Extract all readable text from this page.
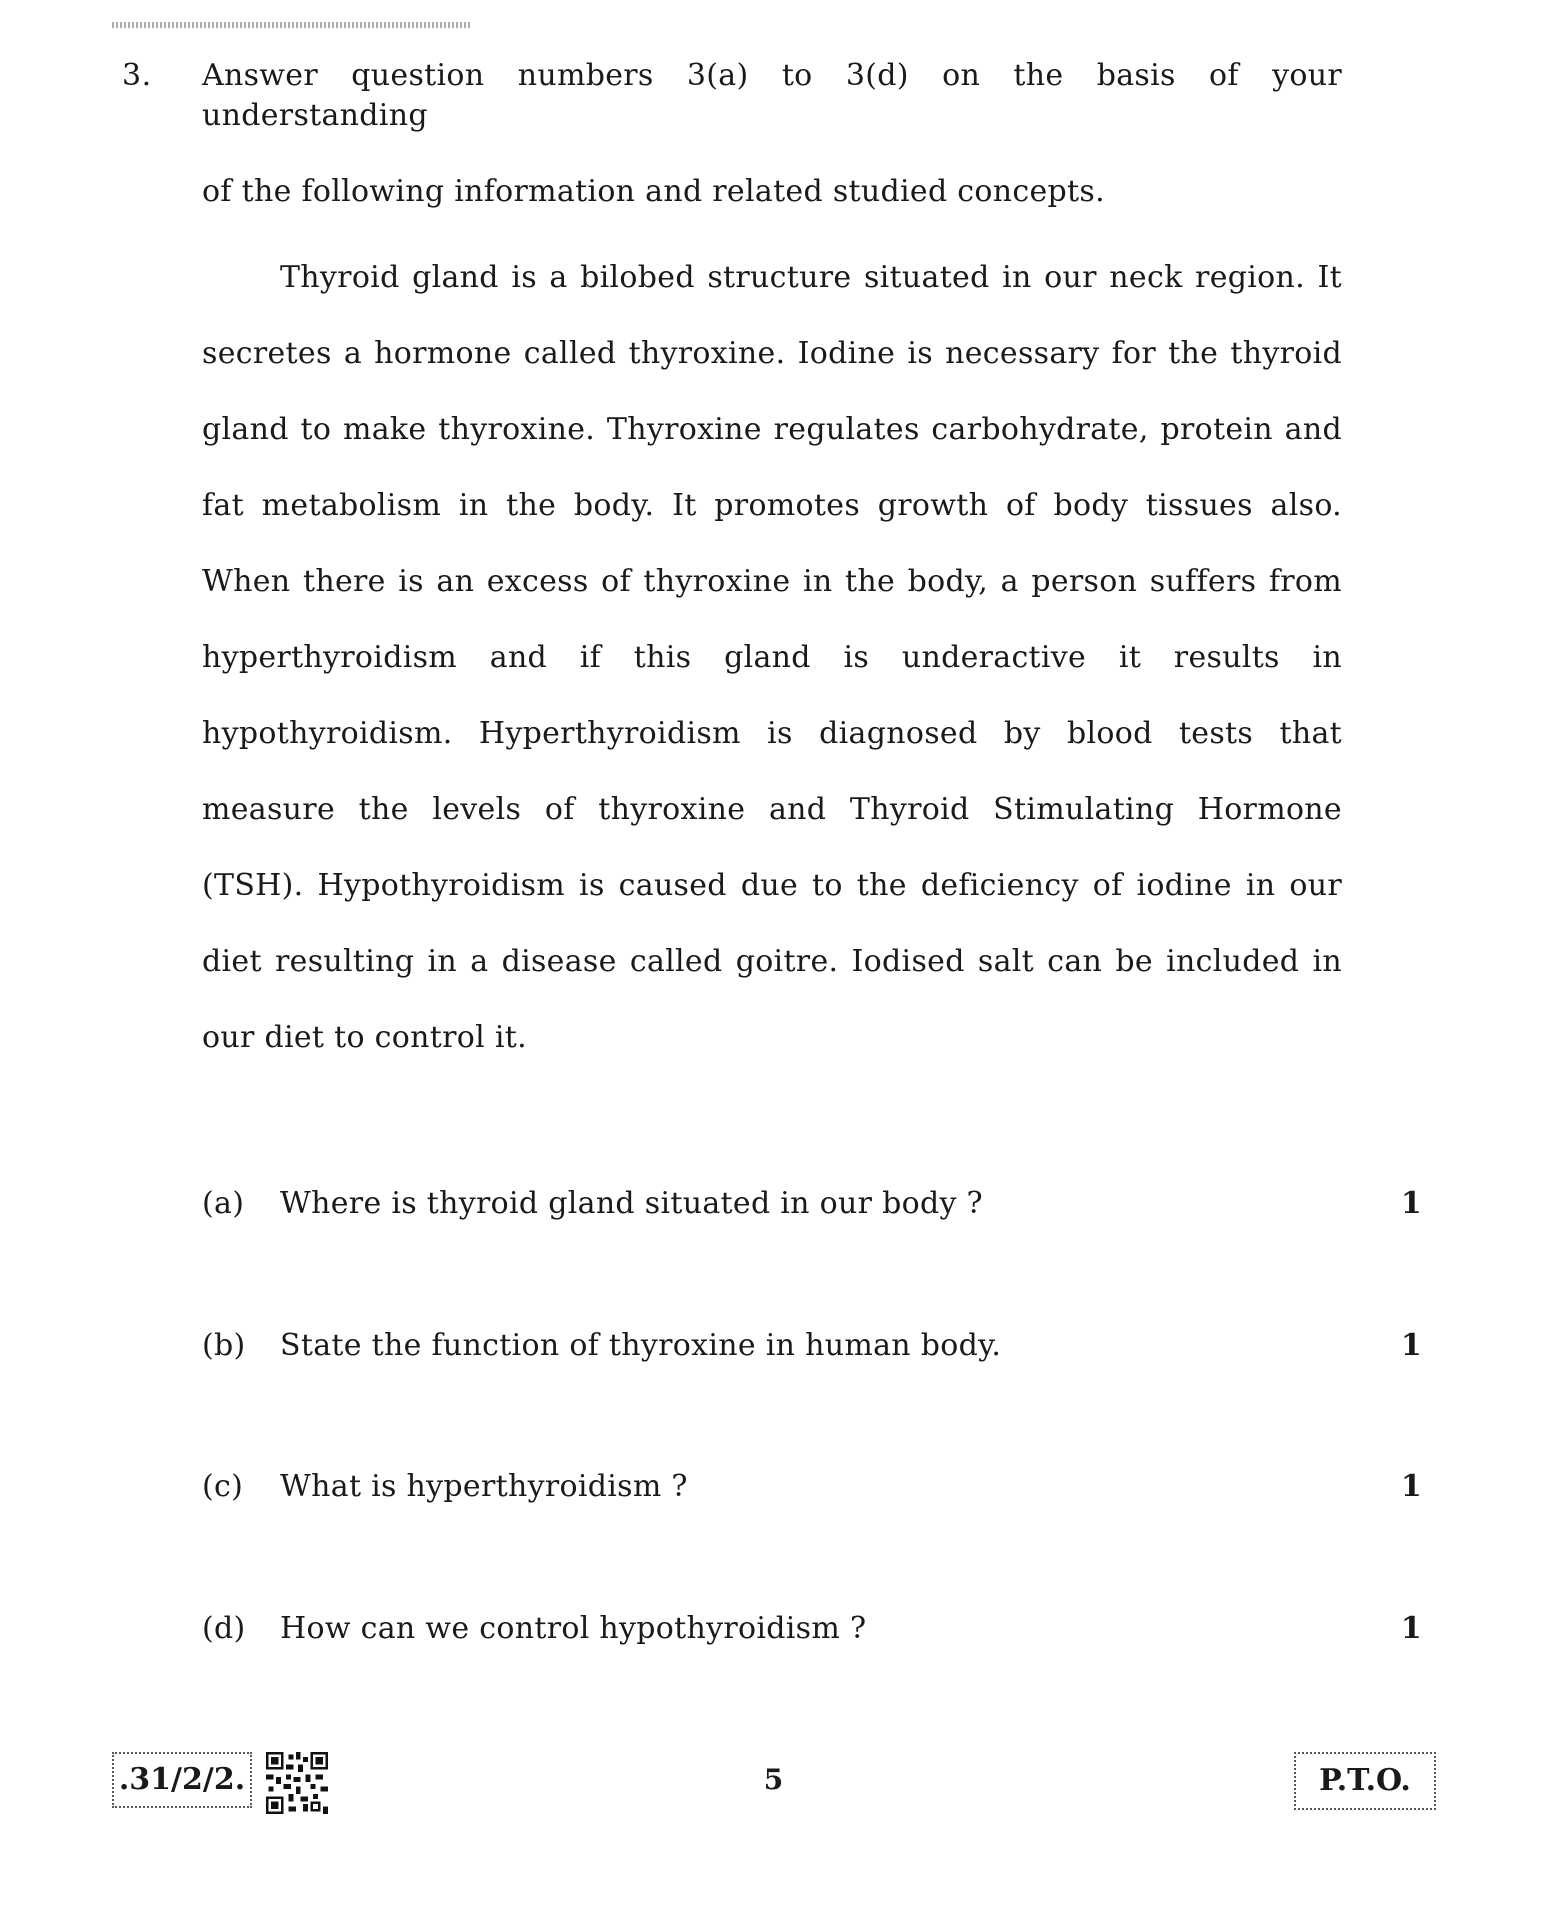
3. Answer question numbers 3(a) to 3(d) on the basis of your understanding
of the following information and related studied concepts.

Thyroid gland is a bilobed structure situated in our neck region. It secretes a hormone called thyroxine. Iodine is necessary for the thyroid gland to make thyroxine. Thyroxine regulates carbohydrate, protein and fat metabolism in the body. It promotes growth of body tissues also. When there is an excess of thyroxine in the body, a person suffers from hyperthyroidism and if this gland is underactive it results in hypothyroidism. Hyperthyroidism is diagnosed by blood tests that measure the levels of thyroxine and Thyroid Stimulating Hormone (TSH). Hypothyroidism is caused due to the deficiency of iodine in our diet resulting in a disease called goitre. Iodised salt can be included in our diet to control it.

(a) Where is thyroid gland situated in our body ?	1
(b) State the function of thyroxine in human body.	1
(c) What is hyperthyroidism ?	1
(d) How can we control hypothyroidism ?	1
.31/2/2.	5	P.T.O.
